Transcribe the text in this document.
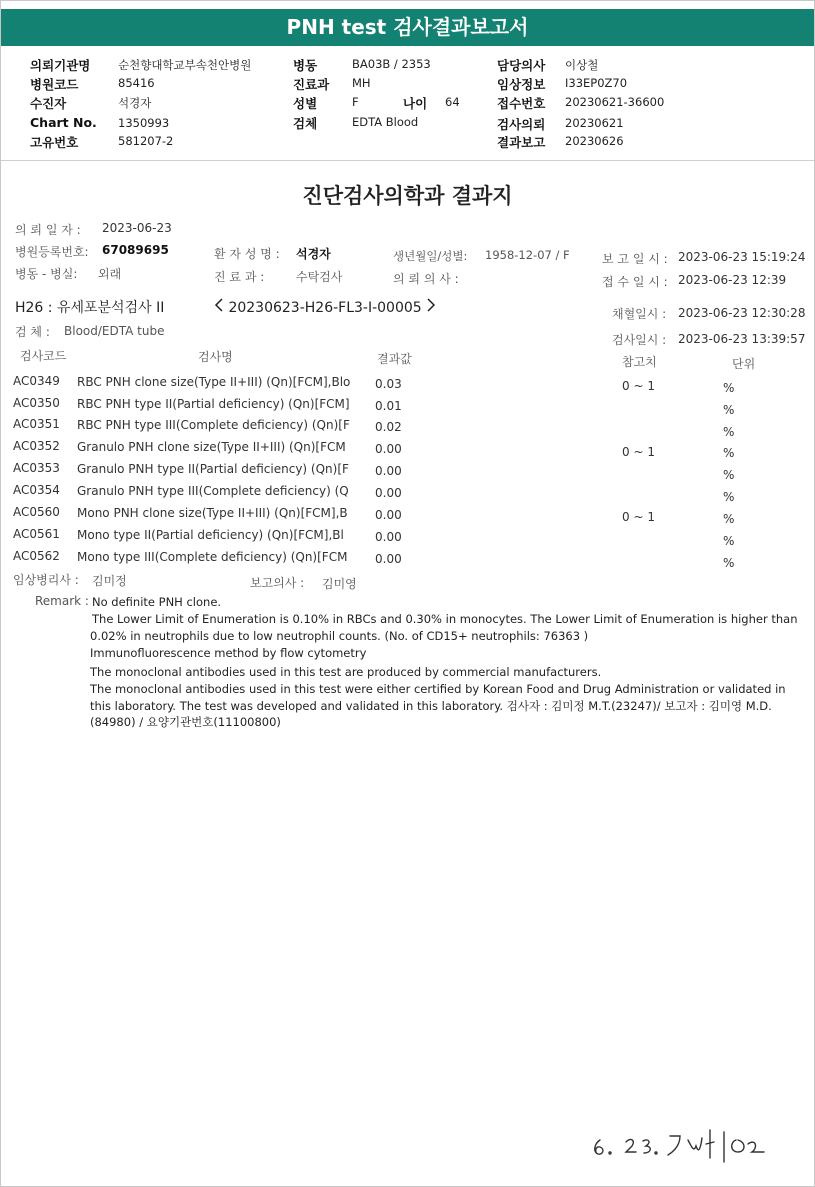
PNH test 검사결과보고서
의뢰기관명 순천향대학교부속천안병원
병원코드	85416
수진자	석경자
Chart No. 1350993
고유번호	581207-2
병동	BA03B / 2353
진료과 MH
성별	F	나이 64
검체	EDTA Blood
담당의사 이상철
임상정보 I33EP0Z70
접수번호 20230621-36600
검사의뢰 20230621
결과보고 20230626
진단검사의학과 결과지
의 뢰 일 자 : 2023-06-23
병원등록번호: 67089695	환 자 성 명 : 석경자	생년월일/성별: 1958-12-07 / F	보 고 일 시 : 2023-06-23 15:19:24
병동 - 병실: 외래	진 료 과 :	수탁검사	의 뢰 의 사 :	접 수 일 시 : 2023-06-23 12:39
H26 : 유세포분석검사 II	20230623-H26-FL3-I-00005	채혈일시 : 2023-06-23 12:30:28
검 체 : Blood/EDTA tube
검사일시 : 2023-06-23 13:39:57
검사코드	검사명	결과값	참고치	단위
AC0349 RBC PNH clone size(Type II+III) (Qn)[FCM],Blo 0.03	0 ~ 1	%
AC0350 RBC PNH type II(Partial deficiency) (Qn)[FCM] 0.01	%
AC0351 RBC PNH type III(Complete deficiency) (Qn)[F 0.02	%
AC0352 Granulo PNH clone size(Type II+III) (Qn)[FCM 0.00	0 ~ 1	%
AC0353 Granulo PNH type II(Partial deficiency) (Qn)[F 0.00	%
AC0354 Granulo PNH type III(Complete deficiency) (Q 0.00	%
AC0560 Mono PNH clone size(Type II+III) (Qn)[FCM],B 0.00	0 ~ 1	%
AC0561 Mono type II(Partial deficiency) (Qn)[FCM],Bl	0.00	%
AC0562 Mono type III(Complete deficiency) (Qn)[FCM 0.00	%
임상병리사 : 김미정	보고의사 : 김미영
Remark : No definite PNH clone.
The Lower Limit of Enumeration is 0.10% in RBCs and 0.30% in monocytes. The Lower Limit of Enumeration is higher than
0.02% in neutrophils due to low neutrophil counts. (No. of CD15+ neutrophils: 76363 )
Immunofluorescence method by flow cytometry
The monoclonal antibodies used in this test are produced by commercial manufacturers.
The monoclonal antibodies used in this test were either certified by Korean Food and Drug Administration or validated in
this laboratory. The test was developed and validated in this laboratory. 검사자 : 김미정 M.T.(23247)/ 보고자 : 김미영 M.D.
(84980) / 요양기관번호(11100800)
